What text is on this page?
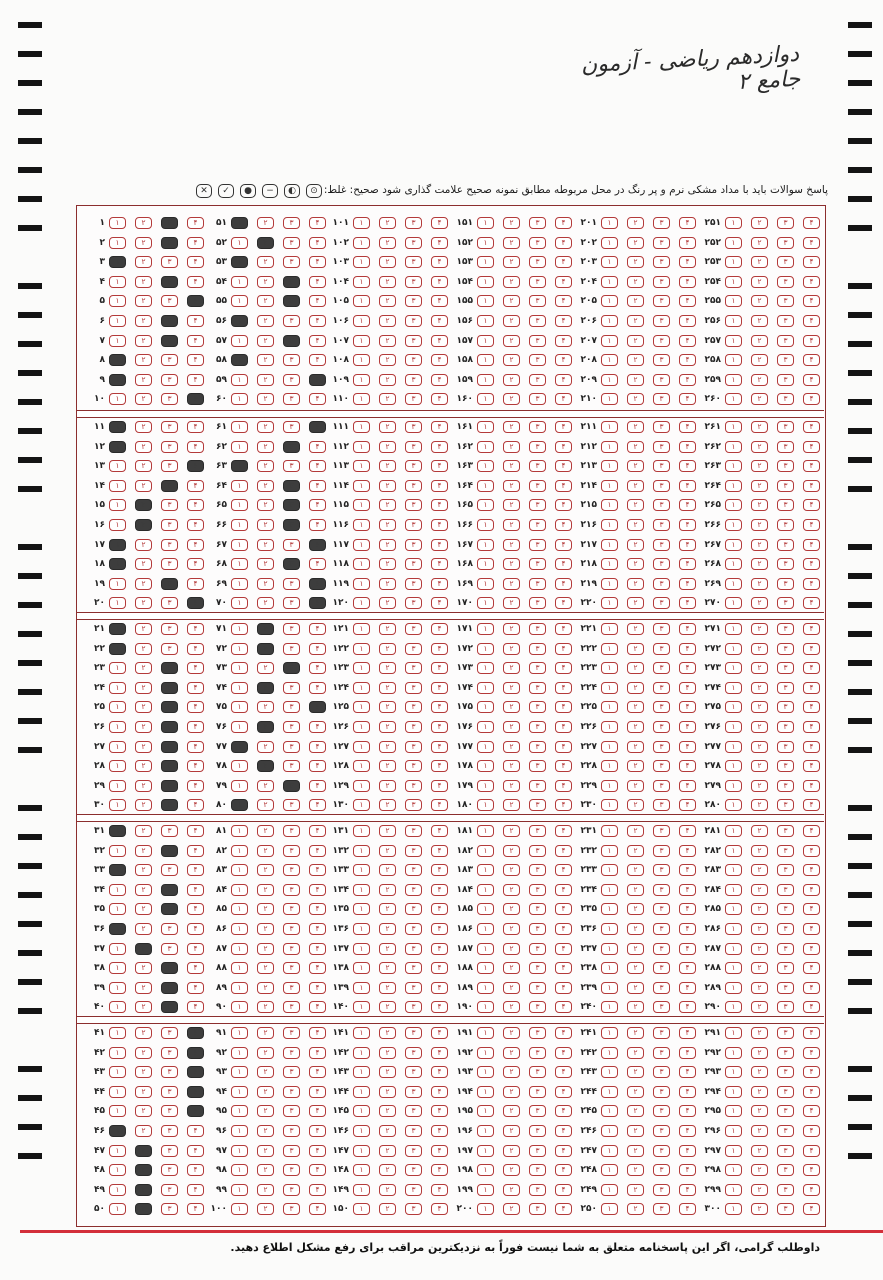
دوازدهم ریاضی - آزمون جامع ۲
✕	✓	●	−	◐	⊙	پاسخ سوالات باید با مداد مشکی نرم و پر رنگ در محل مربوطه مطابق نمونه صحیح علامت گذاری شود صحیح: غلط:
۱	۱	۲	۳	۴
۲	۱	۲	۳	۴
۳	۱	۲	۳	۴
۴	۱	۲	۳	۴
۵	۱	۲	۳	۴
۶	۱	۲	۳	۴
۷	۱	۲	۳	۴
۸	۱	۲	۳	۴
۹	۱	۲	۳	۴
۱۰	۱	۲	۳	۴
۱۱	۱	۲	۳	۴
۱۲	۱	۲	۳	۴
۱۳	۱	۲	۳	۴
۱۴	۱	۲	۳	۴
۱۵	۱	۲	۳	۴
۱۶	۱	۲	۳	۴
۱۷	۱	۲	۳	۴
۱۸	۱	۲	۳	۴
۱۹	۱	۲	۳	۴
۲۰	۱	۲	۳	۴
۲۱	۱	۲	۳	۴
۲۲	۱	۲	۳	۴
۲۳	۱	۲	۳	۴
۲۴	۱	۲	۳	۴
۲۵	۱	۲	۳	۴
۲۶	۱	۲	۳	۴
۲۷	۱	۲	۳	۴
۲۸	۱	۲	۳	۴
۲۹	۱	۲	۳	۴
۳۰	۱	۲	۳	۴
۳۱	۱	۲	۳	۴
۳۲	۱	۲	۳	۴
۳۳	۱	۲	۳	۴
۳۴	۱	۲	۳	۴
۳۵	۱	۲	۳	۴
۳۶	۱	۲	۳	۴
۳۷	۱	۲	۳	۴
۳۸	۱	۲	۳	۴
۳۹	۱	۲	۳	۴
۴۰	۱	۲	۳	۴
۴۱	۱	۲	۳	۴
۴۲	۱	۲	۳	۴
۴۳	۱	۲	۳	۴
۴۴	۱	۲	۳	۴
۴۵	۱	۲	۳	۴
۴۶	۱	۲	۳	۴
۴۷	۱	۲	۳	۴
۴۸	۱	۲	۳	۴
۴۹	۱	۲	۳	۴
۵۰	۱	۲	۳	۴
۵۱	۱	۲	۳	۴
۵۲	۱	۲	۳	۴
۵۳	۱	۲	۳	۴
۵۴	۱	۲	۳	۴
۵۵	۱	۲	۳	۴
۵۶	۱	۲	۳	۴
۵۷	۱	۲	۳	۴
۵۸	۱	۲	۳	۴
۵۹	۱	۲	۳	۴
۶۰	۱	۲	۳	۴
۶۱	۱	۲	۳	۴
۶۲	۱	۲	۳	۴
۶۳	۱	۲	۳	۴
۶۴	۱	۲	۳	۴
۶۵	۱	۲	۳	۴
۶۶	۱	۲	۳	۴
۶۷	۱	۲	۳	۴
۶۸	۱	۲	۳	۴
۶۹	۱	۲	۳	۴
۷۰	۱	۲	۳	۴
۷۱	۱	۲	۳	۴
۷۲	۱	۲	۳	۴
۷۳	۱	۲	۳	۴
۷۴	۱	۲	۳	۴
۷۵	۱	۲	۳	۴
۷۶	۱	۲	۳	۴
۷۷	۱	۲	۳	۴
۷۸	۱	۲	۳	۴
۷۹	۱	۲	۳	۴
۸۰	۱	۲	۳	۴
۸۱	۱	۲	۳	۴
۸۲	۱	۲	۳	۴
۸۳	۱	۲	۳	۴
۸۴	۱	۲	۳	۴
۸۵	۱	۲	۳	۴
۸۶	۱	۲	۳	۴
۸۷	۱	۲	۳	۴
۸۸	۱	۲	۳	۴
۸۹	۱	۲	۳	۴
۹۰	۱	۲	۳	۴
۹۱	۱	۲	۳	۴
۹۲	۱	۲	۳	۴
۹۳	۱	۲	۳	۴
۹۴	۱	۲	۳	۴
۹۵	۱	۲	۳	۴
۹۶	۱	۲	۳	۴
۹۷	۱	۲	۳	۴
۹۸	۱	۲	۳	۴
۹۹	۱	۲	۳	۴
۱۰۰	۱	۲	۳	۴
۱۰۱	۱	۲	۳	۴
۱۰۲	۱	۲	۳	۴
۱۰۳	۱	۲	۳	۴
۱۰۴	۱	۲	۳	۴
۱۰۵	۱	۲	۳	۴
۱۰۶	۱	۲	۳	۴
۱۰۷	۱	۲	۳	۴
۱۰۸	۱	۲	۳	۴
۱۰۹	۱	۲	۳	۴
۱۱۰	۱	۲	۳	۴
۱۱۱	۱	۲	۳	۴
۱۱۲	۱	۲	۳	۴
۱۱۳	۱	۲	۳	۴
۱۱۴	۱	۲	۳	۴
۱۱۵	۱	۲	۳	۴
۱۱۶	۱	۲	۳	۴
۱۱۷	۱	۲	۳	۴
۱۱۸	۱	۲	۳	۴
۱۱۹	۱	۲	۳	۴
۱۲۰	۱	۲	۳	۴
۱۲۱	۱	۲	۳	۴
۱۲۲	۱	۲	۳	۴
۱۲۳	۱	۲	۳	۴
۱۲۴	۱	۲	۳	۴
۱۲۵	۱	۲	۳	۴
۱۲۶	۱	۲	۳	۴
۱۲۷	۱	۲	۳	۴
۱۲۸	۱	۲	۳	۴
۱۲۹	۱	۲	۳	۴
۱۳۰	۱	۲	۳	۴
۱۳۱	۱	۲	۳	۴
۱۳۲	۱	۲	۳	۴
۱۳۳	۱	۲	۳	۴
۱۳۴	۱	۲	۳	۴
۱۳۵	۱	۲	۳	۴
۱۳۶	۱	۲	۳	۴
۱۳۷	۱	۲	۳	۴
۱۳۸	۱	۲	۳	۴
۱۳۹	۱	۲	۳	۴
۱۴۰	۱	۲	۳	۴
۱۴۱	۱	۲	۳	۴
۱۴۲	۱	۲	۳	۴
۱۴۳	۱	۲	۳	۴
۱۴۴	۱	۲	۳	۴
۱۴۵	۱	۲	۳	۴
۱۴۶	۱	۲	۳	۴
۱۴۷	۱	۲	۳	۴
۱۴۸	۱	۲	۳	۴
۱۴۹	۱	۲	۳	۴
۱۵۰	۱	۲	۳	۴
۱۵۱	۱	۲	۳	۴
۱۵۲	۱	۲	۳	۴
۱۵۳	۱	۲	۳	۴
۱۵۴	۱	۲	۳	۴
۱۵۵	۱	۲	۳	۴
۱۵۶	۱	۲	۳	۴
۱۵۷	۱	۲	۳	۴
۱۵۸	۱	۲	۳	۴
۱۵۹	۱	۲	۳	۴
۱۶۰	۱	۲	۳	۴
۱۶۱	۱	۲	۳	۴
۱۶۲	۱	۲	۳	۴
۱۶۳	۱	۲	۳	۴
۱۶۴	۱	۲	۳	۴
۱۶۵	۱	۲	۳	۴
۱۶۶	۱	۲	۳	۴
۱۶۷	۱	۲	۳	۴
۱۶۸	۱	۲	۳	۴
۱۶۹	۱	۲	۳	۴
۱۷۰	۱	۲	۳	۴
۱۷۱	۱	۲	۳	۴
۱۷۲	۱	۲	۳	۴
۱۷۳	۱	۲	۳	۴
۱۷۴	۱	۲	۳	۴
۱۷۵	۱	۲	۳	۴
۱۷۶	۱	۲	۳	۴
۱۷۷	۱	۲	۳	۴
۱۷۸	۱	۲	۳	۴
۱۷۹	۱	۲	۳	۴
۱۸۰	۱	۲	۳	۴
۱۸۱	۱	۲	۳	۴
۱۸۲	۱	۲	۳	۴
۱۸۳	۱	۲	۳	۴
۱۸۴	۱	۲	۳	۴
۱۸۵	۱	۲	۳	۴
۱۸۶	۱	۲	۳	۴
۱۸۷	۱	۲	۳	۴
۱۸۸	۱	۲	۳	۴
۱۸۹	۱	۲	۳	۴
۱۹۰	۱	۲	۳	۴
۱۹۱	۱	۲	۳	۴
۱۹۲	۱	۲	۳	۴
۱۹۳	۱	۲	۳	۴
۱۹۴	۱	۲	۳	۴
۱۹۵	۱	۲	۳	۴
۱۹۶	۱	۲	۳	۴
۱۹۷	۱	۲	۳	۴
۱۹۸	۱	۲	۳	۴
۱۹۹	۱	۲	۳	۴
۲۰۰	۱	۲	۳	۴
۲۰۱	۱	۲	۳	۴
۲۰۲	۱	۲	۳	۴
۲۰۳	۱	۲	۳	۴
۲۰۴	۱	۲	۳	۴
۲۰۵	۱	۲	۳	۴
۲۰۶	۱	۲	۳	۴
۲۰۷	۱	۲	۳	۴
۲۰۸	۱	۲	۳	۴
۲۰۹	۱	۲	۳	۴
۲۱۰	۱	۲	۳	۴
۲۱۱	۱	۲	۳	۴
۲۱۲	۱	۲	۳	۴
۲۱۳	۱	۲	۳	۴
۲۱۴	۱	۲	۳	۴
۲۱۵	۱	۲	۳	۴
۲۱۶	۱	۲	۳	۴
۲۱۷	۱	۲	۳	۴
۲۱۸	۱	۲	۳	۴
۲۱۹	۱	۲	۳	۴
۲۲۰	۱	۲	۳	۴
۲۲۱	۱	۲	۳	۴
۲۲۲	۱	۲	۳	۴
۲۲۳	۱	۲	۳	۴
۲۲۴	۱	۲	۳	۴
۲۲۵	۱	۲	۳	۴
۲۲۶	۱	۲	۳	۴
۲۲۷	۱	۲	۳	۴
۲۲۸	۱	۲	۳	۴
۲۲۹	۱	۲	۳	۴
۲۳۰	۱	۲	۳	۴
۲۳۱	۱	۲	۳	۴
۲۳۲	۱	۲	۳	۴
۲۳۳	۱	۲	۳	۴
۲۳۴	۱	۲	۳	۴
۲۳۵	۱	۲	۳	۴
۲۳۶	۱	۲	۳	۴
۲۳۷	۱	۲	۳	۴
۲۳۸	۱	۲	۳	۴
۲۳۹	۱	۲	۳	۴
۲۴۰	۱	۲	۳	۴
۲۴۱	۱	۲	۳	۴
۲۴۲	۱	۲	۳	۴
۲۴۳	۱	۲	۳	۴
۲۴۴	۱	۲	۳	۴
۲۴۵	۱	۲	۳	۴
۲۴۶	۱	۲	۳	۴
۲۴۷	۱	۲	۳	۴
۲۴۸	۱	۲	۳	۴
۲۴۹	۱	۲	۳	۴
۲۵۰	۱	۲	۳	۴
۲۵۱	۱	۲	۳	۴
۲۵۲	۱	۲	۳	۴
۲۵۳	۱	۲	۳	۴
۲۵۴	۱	۲	۳	۴
۲۵۵	۱	۲	۳	۴
۲۵۶	۱	۲	۳	۴
۲۵۷	۱	۲	۳	۴
۲۵۸	۱	۲	۳	۴
۲۵۹	۱	۲	۳	۴
۲۶۰	۱	۲	۳	۴
۲۶۱	۱	۲	۳	۴
۲۶۲	۱	۲	۳	۴
۲۶۳	۱	۲	۳	۴
۲۶۴	۱	۲	۳	۴
۲۶۵	۱	۲	۳	۴
۲۶۶	۱	۲	۳	۴
۲۶۷	۱	۲	۳	۴
۲۶۸	۱	۲	۳	۴
۲۶۹	۱	۲	۳	۴
۲۷۰	۱	۲	۳	۴
۲۷۱	۱	۲	۳	۴
۲۷۲	۱	۲	۳	۴
۲۷۳	۱	۲	۳	۴
۲۷۴	۱	۲	۳	۴
۲۷۵	۱	۲	۳	۴
۲۷۶	۱	۲	۳	۴
۲۷۷	۱	۲	۳	۴
۲۷۸	۱	۲	۳	۴
۲۷۹	۱	۲	۳	۴
۲۸۰	۱	۲	۳	۴
۲۸۱	۱	۲	۳	۴
۲۸۲	۱	۲	۳	۴
۲۸۳	۱	۲	۳	۴
۲۸۴	۱	۲	۳	۴
۲۸۵	۱	۲	۳	۴
۲۸۶	۱	۲	۳	۴
۲۸۷	۱	۲	۳	۴
۲۸۸	۱	۲	۳	۴
۲۸۹	۱	۲	۳	۴
۲۹۰	۱	۲	۳	۴
۲۹۱	۱	۲	۳	۴
۲۹۲	۱	۲	۳	۴
۲۹۳	۱	۲	۳	۴
۲۹۴	۱	۲	۳	۴
۲۹۵	۱	۲	۳	۴
۲۹۶	۱	۲	۳	۴
۲۹۷	۱	۲	۳	۴
۲۹۸	۱	۲	۳	۴
۲۹۹	۱	۲	۳	۴
۳۰۰	۱	۲	۳	۴
داوطلب گرامی، اگر این پاسخنامه متعلق به شما نیست فوراً به نزدیکترین مراقب برای رفع مشکل اطلاع دهید.
